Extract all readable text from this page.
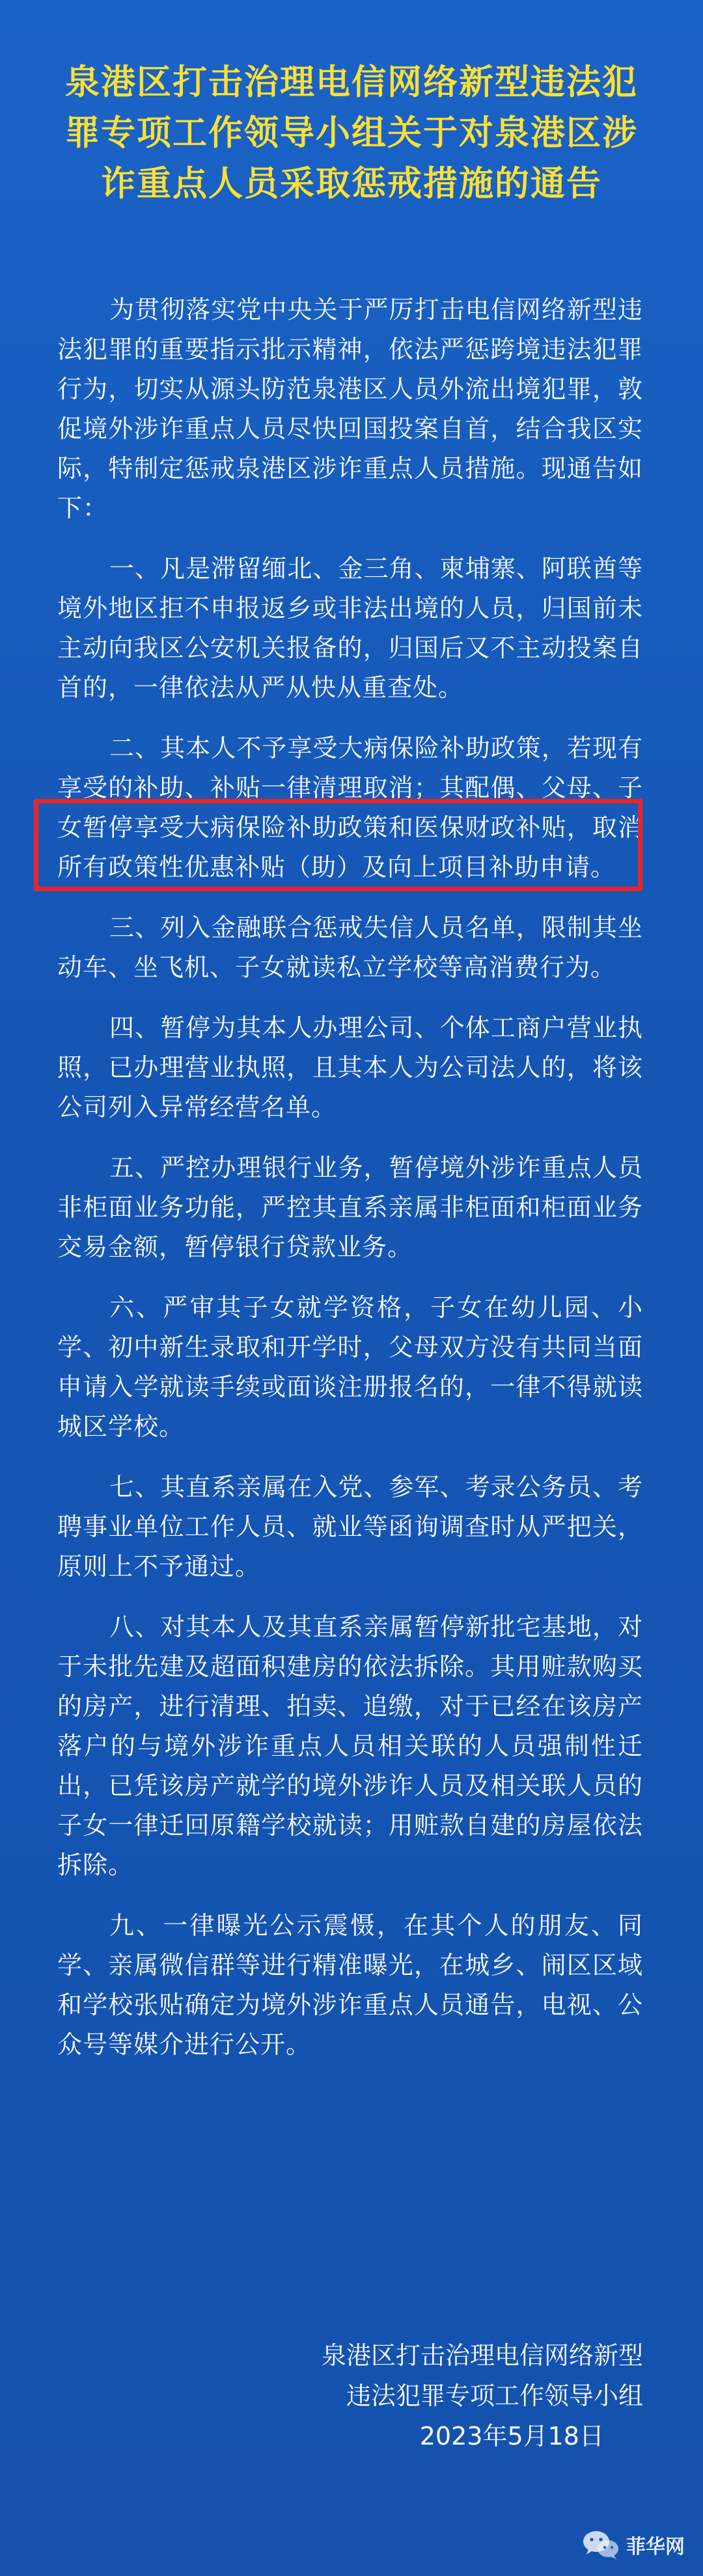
泉港区打击治理电信网络新型违法犯罪专项工作领导小组关于对泉港区涉诈重点人员采取惩戒措施的通告

为贯彻落实党中央关于严厉打击电信网络新型违法犯罪的重要指示批示精神，依法严惩跨境违法犯罪行为，切实从源头防范泉港区人员外流出境犯罪，敦促境外涉诈重点人员尽快回国投案自首，结合我区实际，特制定惩戒泉港区涉诈重点人员措施。现通告如下：

一、凡是滞留缅北、金三角、柬埔寨、阿联酋等境外地区拒不申报返乡或非法出境的人员，归国前未主动向我区公安机关报备的，归国后又不主动投案自首的，一律依法从严从快从重查处。

二、其本人不予享受大病保险补助政策，若现有享受的补助、补贴一律清理取消；其配偶、父母、子女暂停享受大病保险补助政策和医保财政补贴，取消所有政策性优惠补贴（助）及向上项目补助申请。

三、列入金融联合惩戒失信人员名单，限制其坐动车、坐飞机、子女就读私立学校等高消费行为。

四、暂停为其本人办理公司、个体工商户营业执照，已办理营业执照，且其本人为公司法人的，将该公司列入异常经营名单。

五、严控办理银行业务，暂停境外涉诈重点人员非柜面业务功能，严控其直系亲属非柜面和柜面业务交易金额，暂停银行贷款业务。

六、严审其子女就学资格，子女在幼儿园、小学、初中新生录取和开学时，父母双方没有共同当面申请入学就读手续或面谈注册报名的，一律不得就读城区学校。

七、其直系亲属在入党、参军、考录公务员、考聘事业单位工作人员、就业等函询调查时从严把关，原则上不予通过。

八、对其本人及其直系亲属暂停新批宅基地，对于未批先建及超面积建房的依法拆除。其用赃款购买的房产，进行清理、拍卖、追缴，对于已经在该房产落户的与境外涉诈重点人员相关联的人员强制性迁出，已凭该房产就学的境外涉诈人员及相关联人员的子女一律迁回原籍学校就读；用赃款自建的房屋依法拆除。

九、一律曝光公示震慑，在其个人的朋友、同学、亲属微信群等进行精准曝光，在城乡、闹区区域和学校张贴确定为境外涉诈重点人员通告，电视、公众号等媒介进行公开。

泉港区打击治理电信网络新型
违法犯罪专项工作领导小组
2023年5月18日
菲华网
